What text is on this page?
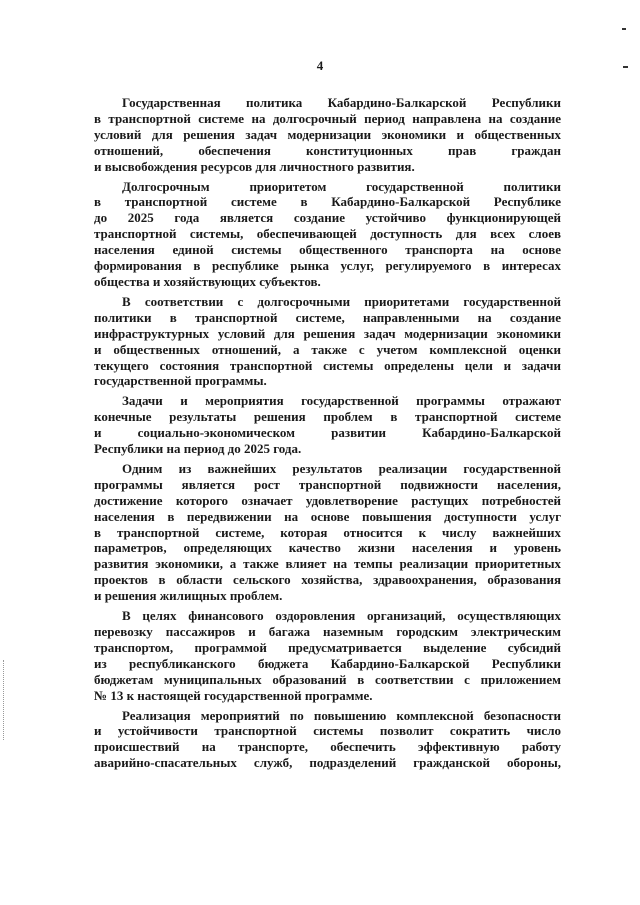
4
Государственная политика Кабардино-Балкарской Республики
в транспортной системе на долгосрочный период направлена на создание
условий для решения задач модернизации экономики и общественных
отношений, обеспечения конституционных прав граждан
и высвобождения ресурсов для личностного развития.
Долгосрочным приоритетом государственной политики
в транспортной системе в Кабардино-Балкарской Республике
до 2025 года является создание устойчиво функционирующей
транспортной системы, обеспечивающей доступность для всех слоев
населения единой системы общественного транспорта на основе
формирования в республике рынка услуг, регулируемого в интересах
общества и хозяйствующих субъектов.
В соответствии с долгосрочными приоритетами государственной
политики в транспортной системе, направленными на создание
инфраструктурных условий для решения задач модернизации экономики
и общественных отношений, а также с учетом комплексной оценки
текущего состояния транспортной системы определены цели и задачи
государственной программы.
Задачи и мероприятия государственной программы отражают
конечные результаты решения проблем в транспортной системе
и социально-экономическом развитии Кабардино-Балкарской
Республики на период до 2025 года.
Одним из важнейших результатов реализации государственной
программы является рост транспортной подвижности населения,
достижение которого означает удовлетворение растущих потребностей
населения в передвижении на основе повышения доступности услуг
в транспортной системе, которая относится к числу важнейших
параметров, определяющих качество жизни населения и уровень
развития экономики, а также влияет на темпы реализации приоритетных
проектов в области сельского хозяйства, здравоохранения, образования
и решения жилищных проблем.
В целях финансового оздоровления организаций, осуществляющих
перевозку пассажиров и багажа наземным городским электрическим
транспортом, программой предусматривается выделение субсидий
из республиканского бюджета Кабардино-Балкарской Республики
бюджетам муниципальных образований в соответствии с приложением
№ 13 к настоящей государственной программе.
Реализация мероприятий по повышению комплексной безопасности
и устойчивости транспортной системы позволит сократить число
происшествий на транспорте, обеспечить эффективную работу
аварийно-спасательных служб, подразделений гражданской обороны,
